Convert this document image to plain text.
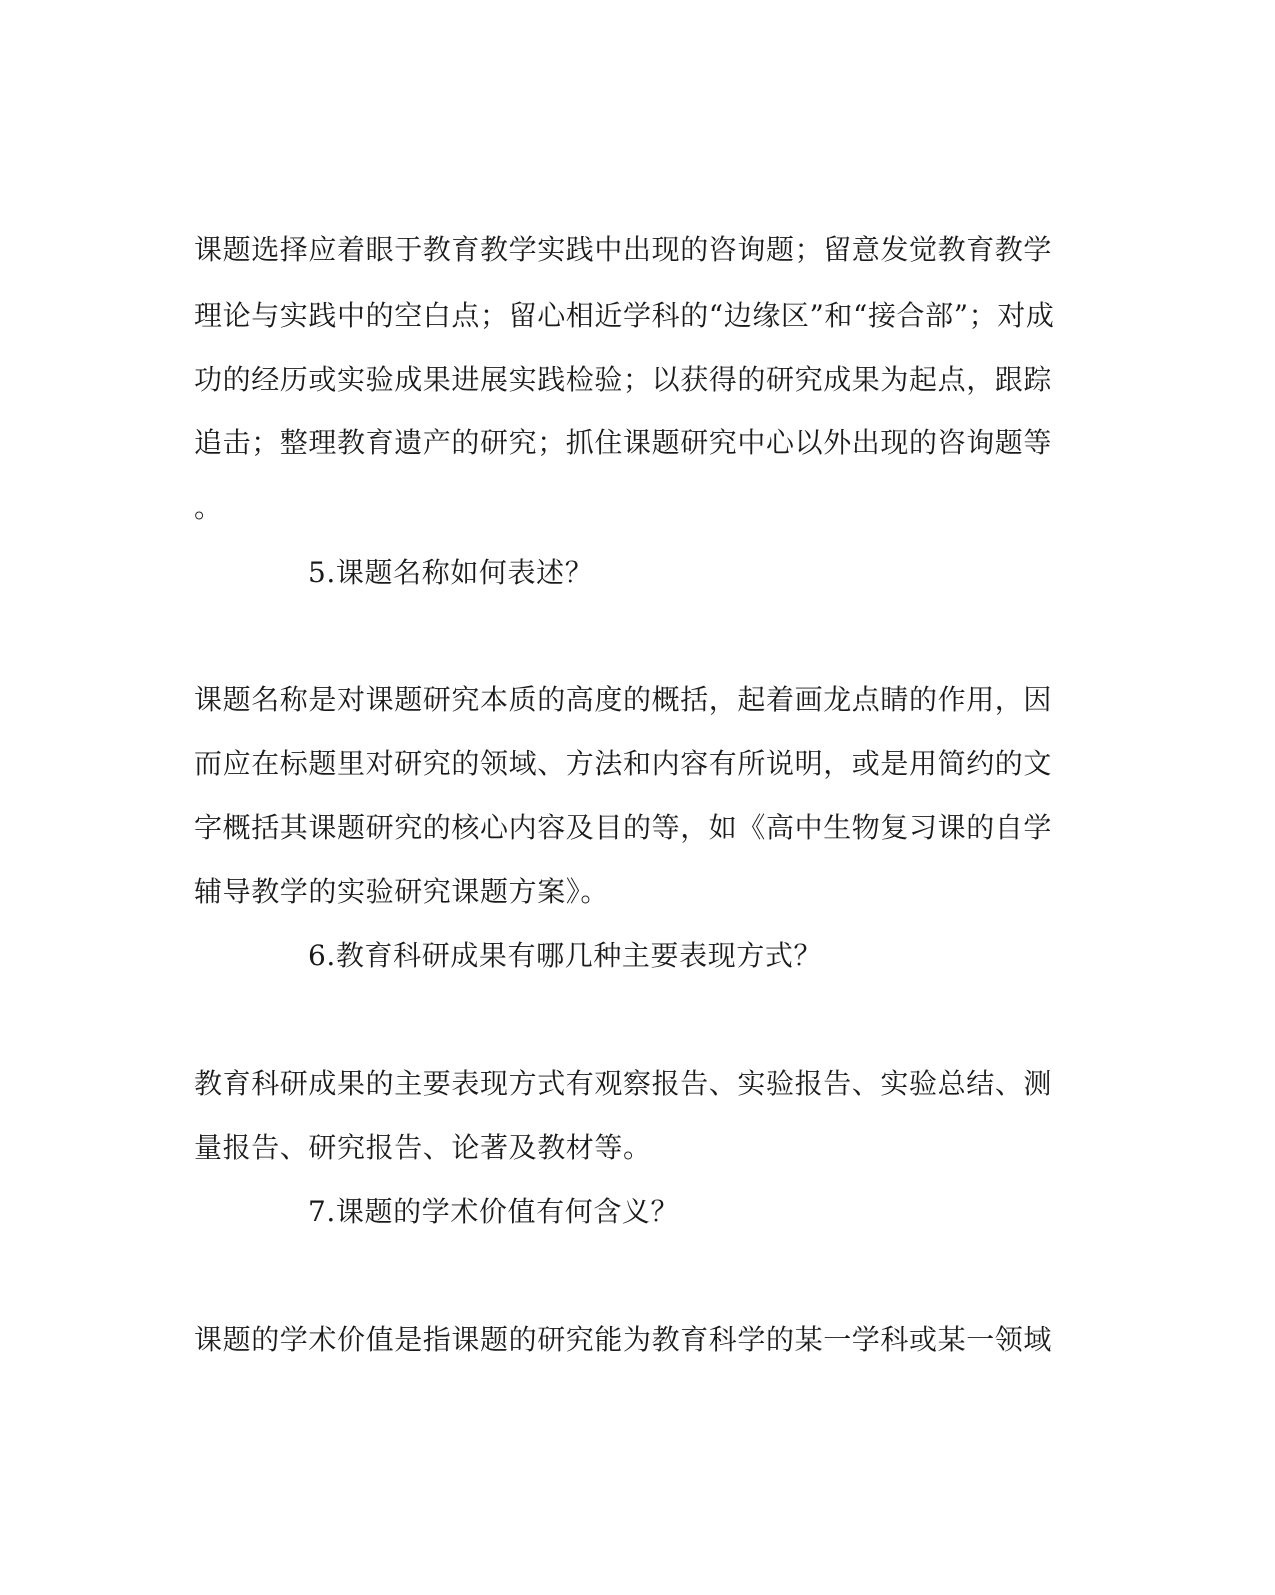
课题选择应着眼于教育教学实践中出现的咨询题；留意发觉教育教学
理论与实践中的空白点；留心相近学科的“边缘区”和“接合部”；对成
功的经历或实验成果进展实践检验；以获得的研究成果为起点，跟踪
追击；整理教育遗产的研究；抓住课题研究中心以外出现的咨询题等
。
5.课题名称如何表述？
课题名称是对课题研究本质的高度的概括，起着画龙点睛的作用，因
而应在标题里对研究的领域、方法和内容有所说明，或是用简约的文
字概括其课题研究的核心内容及目的等，如《高中生物复习课的自学
辅导教学的实验研究课题方案》。
6.教育科研成果有哪几种主要表现方式？
教育科研成果的主要表现方式有观察报告、实验报告、实验总结、测
量报告、研究报告、论著及教材等。
7.课题的学术价值有何含义？
课题的学术价值是指课题的研究能为教育科学的某一学科或某一领域
